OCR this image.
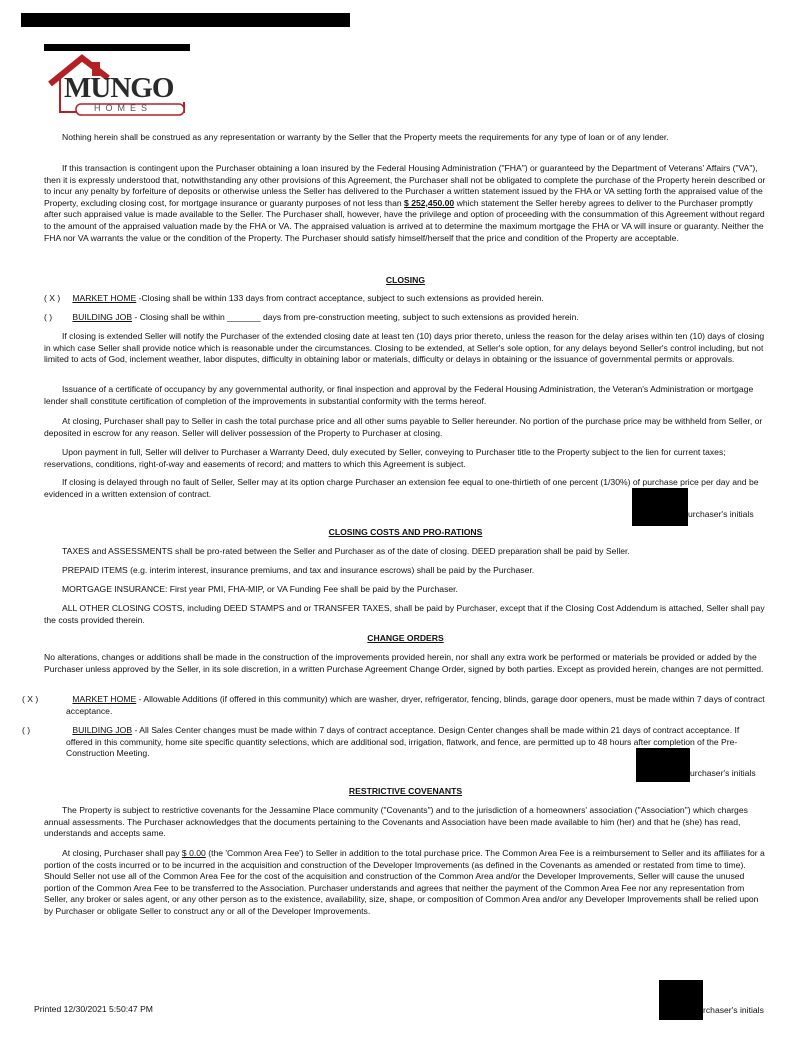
MUNGO
HOMES
Nothing herein shall be construed as any representation or warranty by the Seller that the Property meets the requirements for any type of loan or of any lender.
If this transaction is contingent upon the Purchaser obtaining a loan insured by the Federal Housing Administration ("FHA") or guaranteed by the Department of Veterans' Affairs ("VA"), then it is expressly understood that, notwithstanding any other provisions of this Agreement, the Purchaser shall not be obligated to complete the purchase of the Property herein described or to incur any penalty by forfeiture of deposits or otherwise unless the Seller has delivered to the Purchaser a written statement issued by the FHA or VA setting forth the appraised value of the Property, excluding closing cost, for mortgage insurance or guaranty purposes of not less than $ 252,450.00 which statement the Seller hereby agrees to deliver to the Purchaser promptly after such appraised value is made available to the Seller. The Purchaser shall, however, have the privilege and option of proceeding with the consummation of this Agreement without regard to the amount of the appraised valuation made by the FHA or VA. The appraised valuation is arrived at to determine the maximum mortgage the FHA or VA will insure or guaranty. Neither the FHA nor VA warrants the value or the condition of the Property. The Purchaser should satisfy himself/herself that the price and condition of the Property are acceptable.
CLOSING
( X ) MARKET HOME -Closing shall be within 133 days from contract acceptance, subject to such extensions as provided herein.
( ) BUILDING JOB - Closing shall be within _______ days from pre-construction meeting, subject to such extensions as provided herein.
If closing is extended Seller will notify the Purchaser of the extended closing date at least ten (10) days prior thereto, unless the reason for the delay arises within ten (10) days of closing in which case Seller shall provide notice which is reasonable under the circumstances. Closing to be extended, at Seller's sole option, for any delays beyond Seller's control including, but not limited to acts of God, inclement weather, labor disputes, difficulty in obtaining labor or materials, difficulty or delays in obtaining or the issuance of governmental permits or approvals.
Issuance of a certificate of occupancy by any governmental authority, or final inspection and approval by the Federal Housing Administration, the Veteran's Administration or mortgage lender shall constitute certification of completion of the improvements in substantial conformity with the terms hereof.
At closing, Purchaser shall pay to Seller in cash the total purchase price and all other sums payable to Seller hereunder. No portion of the purchase price may be withheld from Seller, or deposited in escrow for any reason. Seller will deliver possession of the Property to Purchaser at closing.
Upon payment in full, Seller will deliver to Purchaser a Warranty Deed, duly executed by Seller, conveying to Purchaser title to the Property subject to the lien for current taxes; reservations, conditions, right-of-way and easements of record; and matters to which this Agreement is subject.
If closing is delayed through no fault of Seller, Seller may at its option charge Purchaser an extension fee equal to one-thirtieth of one percent (1/30%) of purchase price per day and be evidenced in a written extension of contract.
urchaser's initials
CLOSING COSTS AND PRO-RATIONS
TAXES and ASSESSMENTS shall be pro-rated between the Seller and Purchaser as of the date of closing. DEED preparation shall be paid by Seller.
PREPAID ITEMS (e.g. interim interest, insurance premiums, and tax and insurance escrows) shall be paid by the Purchaser.
MORTGAGE INSURANCE: First year PMI, FHA-MIP, or VA Funding Fee shall be paid by the Purchaser.
ALL OTHER CLOSING COSTS, including DEED STAMPS and or TRANSFER TAXES, shall be paid by Purchaser, except that if the Closing Cost Addendum is attached, Seller shall pay the costs provided therein.
CHANGE ORDERS
No alterations, changes or additions shall be made in the construction of the improvements provided herein, nor shall any extra work be performed or materials be provided or added by the Purchaser unless approved by the Seller, in its sole discretion, in a written Purchase Agreement Change Order, signed by both parties. Except as provided herein, changes are not permitted.
( X )	MARKET HOME - Allowable Additions (if offered in this community) which are washer, dryer, refrigerator, fencing, blinds, garage door openers, must be made within 7 days of contract acceptance.
( )	BUILDING JOB - All Sales Center changes must be made within 7 days of contract acceptance. Design Center changes shall be made within 21 days of contract acceptance. If offered in this community, home site specific quantity selections, which are additional sod, irrigation, flatwork, and fence, are permitted up to 48 hours after completion of the Pre-Construction Meeting.
urchaser's initials
RESTRICTIVE COVENANTS
The Property is subject to restrictive covenants for the Jessamine Place community ("Covenants") and to the jurisdiction of a homeowners' association ("Association") which charges annual assessments. The Purchaser acknowledges that the documents pertaining to the Covenants and Association have been made available to him (her) and that he (she) has read, understands and accepts same.
At closing, Purchaser shall pay $ 0.00 (the 'Common Area Fee') to Seller in addition to the total purchase price. The Common Area Fee is a reimbursement to Seller and its affiliates for a portion of the costs incurred or to be incurred in the acquisition and construction of the Developer Improvements (as defined in the Covenants as amended or restated from time to time). Should Seller not use all of the Common Area Fee for the cost of the acquisition and construction of the Common Area and/or the Developer Improvements, Seller will cause the unused portion of the Common Area Fee to be transferred to the Association. Purchaser understands and agrees that neither the payment of the Common Area Fee nor any representation from Seller, any broker or sales agent, or any other person as to the existence, availability, size, shape, or composition of Common Area and/or any Developer Improvements shall be relied upon by Purchaser or obligate Seller to construct any or all of the Developer Improvements.
Printed 12/30/2021 5:50:47 PM	rchaser's initials
